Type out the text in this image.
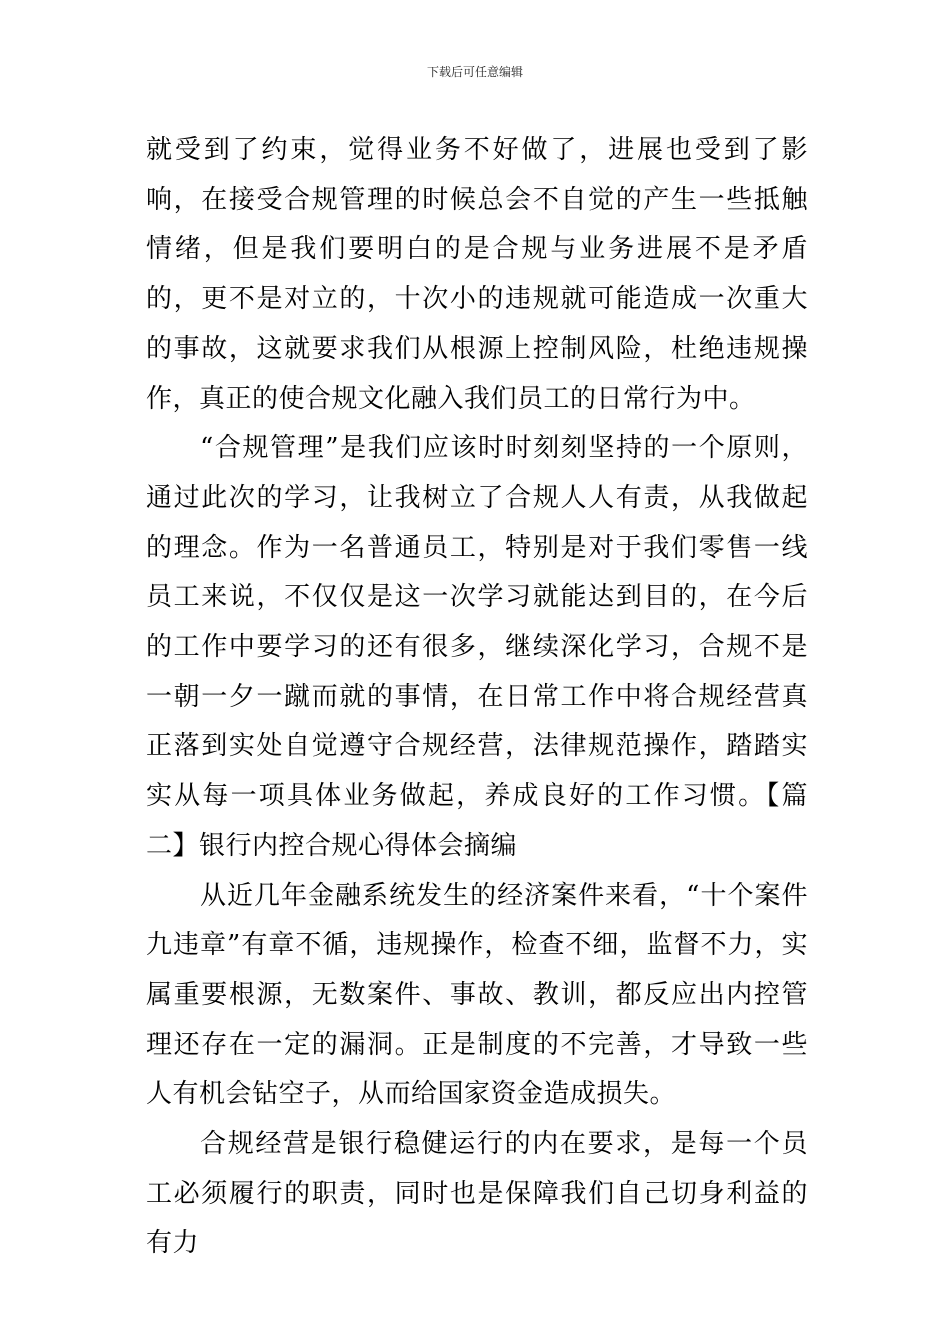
下载后可任意编辑

就受到了约束，觉得业务不好做了，进展也受到了影响，在接受合规管理的时候总会不自觉的产生一些抵触情绪，但是我们要明白的是合规与业务进展不是矛盾的，更不是对立的，十次小的违规就可能造成一次重大的事故，这就要求我们从根源上控制风险，杜绝违规操作，真正的使合规文化融入我们员工的日常行为中。

“合规管理”是我们应该时时刻刻坚持的一个原则，通过此次的学习，让我树立了合规人人有责，从我做起的理念。作为一名普通员工，特别是对于我们零售一线员工来说，不仅仅是这一次学习就能达到目的，在今后的工作中要学习的还有很多，继续深化学习，合规不是一朝一夕一蹴而就的事情，在日常工作中将合规经营真正落到实处自觉遵守合规经营，法律规范操作，踏踏实实从每一项具体业务做起，养成良好的工作习惯。【篇二】银行内控合规心得体会摘编

从近几年金融系统发生的经济案件来看，“十个案件九违章”有章不循，违规操作，检查不细，监督不力，实属重要根源，无数案件、事故、教训，都反应出内控管理还存在一定的漏洞。正是制度的不完善，才导致一些人有机会钻空子，从而给国家资金造成损失。

合规经营是银行稳健运行的内在要求，是每一个员工必须履行的职责，同时也是保障我们自己切身利益的有力
